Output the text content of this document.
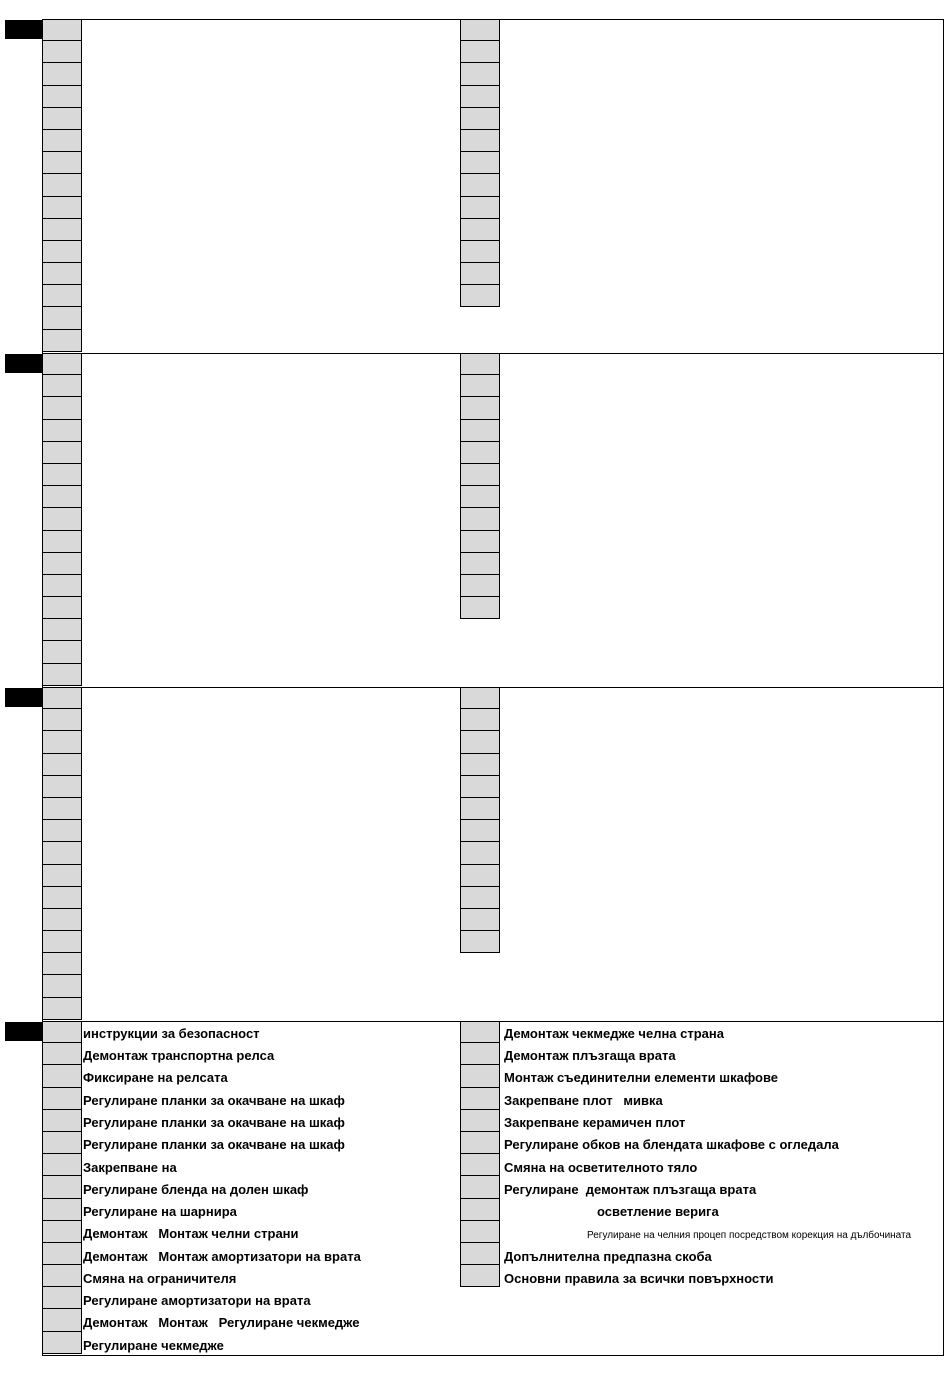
инструкции за безопасност
Демонтаж транспортна релса
Фиксиране на релсата
Регулиране планки за окачване на шкаф
Регулиране планки за окачване на шкаф
Регулиране планки за окачване на шкаф
Закрепване на
Регулиране бленда на долен шкаф
Регулиране на шарнира
Демонтаж   Монтаж челни страни
Демонтаж   Монтаж амортизатори на врата
Смяна на ограничителя
Регулиране амортизатори на врата
Демонтаж   Монтаж   Регулиране чекмедже
Регулиране чекмедже
Демонтаж чекмедже челна страна
Демонтаж плъзгаща врата
Монтаж съединителни елементи шкафове
Закрепване плот   мивка
Закрепване керамичен плот
Регулиране обков на блендата шкафове с огледала
Смяна на осветителното тяло
Регулиране  демонтаж плъзгаща врата
осветление верига
Регулиране на челния процеп посредством корекция на дълбочината
Допълнителна предпазна скоба
Основни правила за всички повърхности
